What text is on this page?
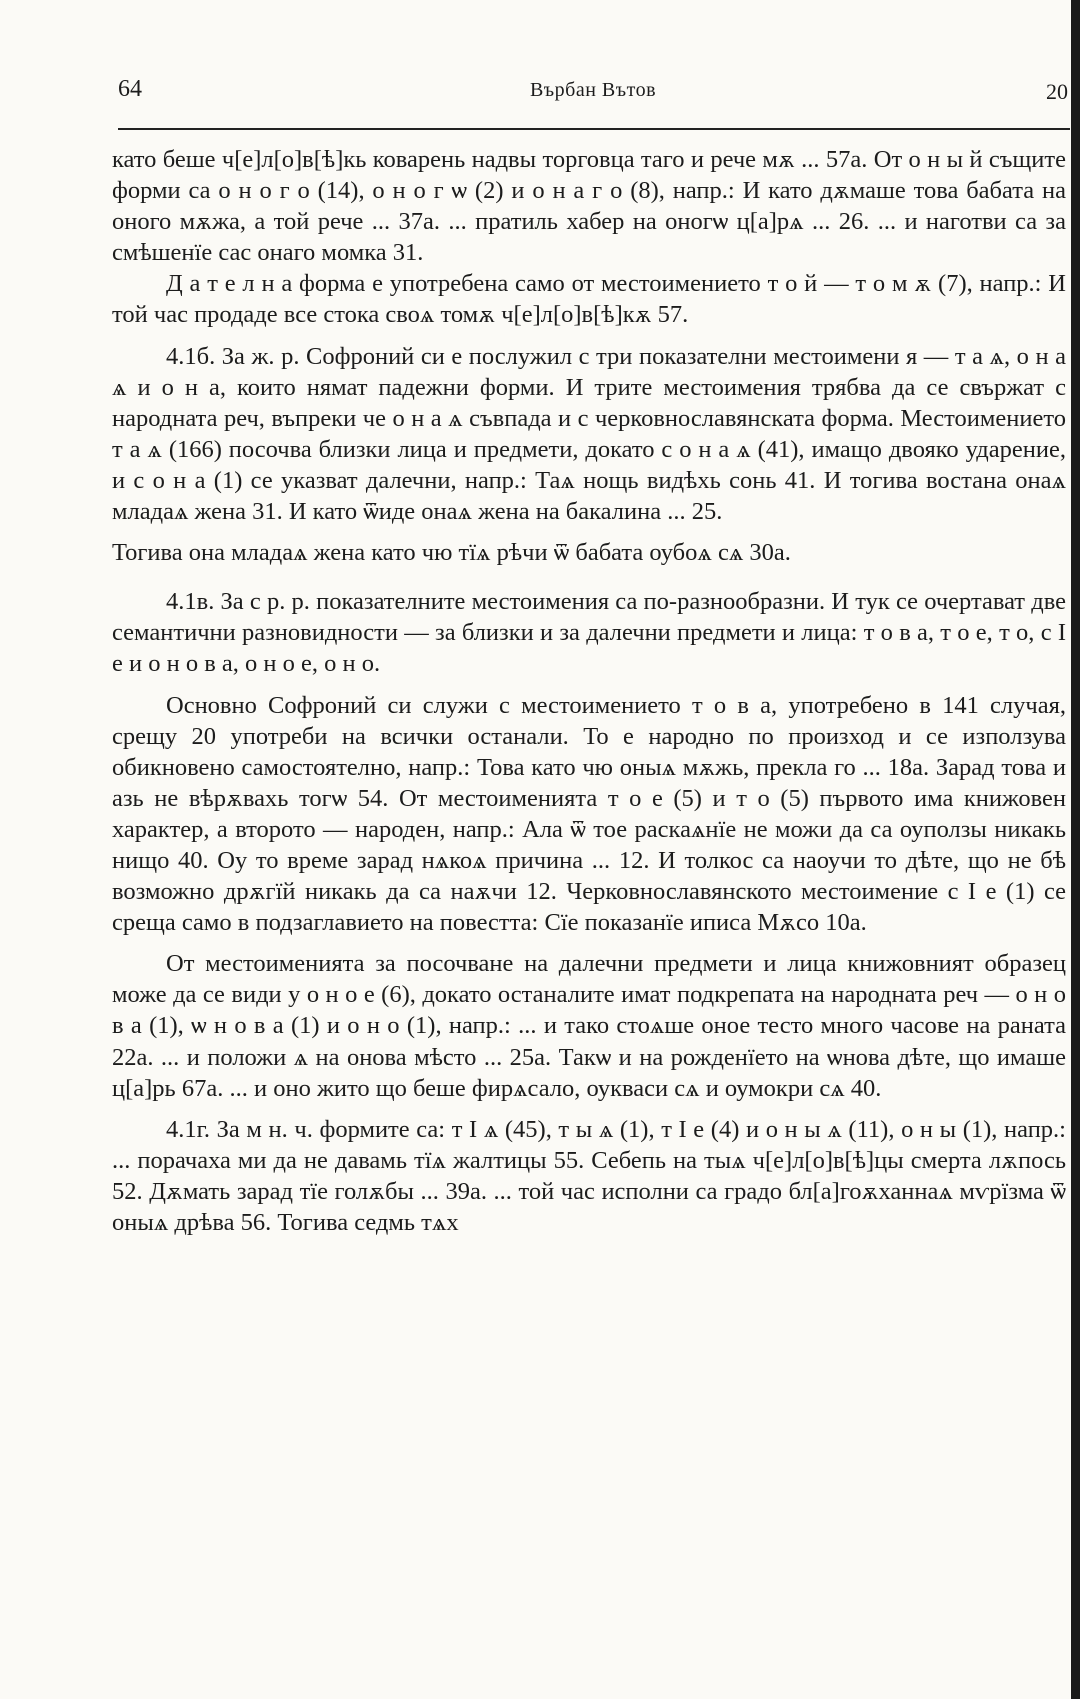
64	Върбан Вътов	20

като беше ч[е]л[о]в[ѣ]кь коварень надвы торговца таго и рече мѫ ... 57а. От о н ы й същите форми са о н о г о (14), о н о г ѡ (2) и о н а г о (8), напр.: И като дѫмаше това бабата на оного мѫжа, а той рече ... 37а. ... пратиль хабер на оногѡ ц[а]рѧ ... 26. ... и наготви са за смѣшенїе сас онаго момка 31.

Д а т е л н а форма е употребена само от местоимението т о й — т о м ѫ (7), напр.: И той час продаде все стока своѧ томѫ ч[е]л[о]в[ѣ]кѫ 57.

4.1б. За ж. р. Софроний си е послужил с три показателни местоимени я — т а ѧ, о н а ѧ и о н а, които нямат падежни форми. И трите местоимения трябва да се свържат с народната реч, въпреки че о н а ѧ съвпада и с черковнославянската форма. Местоимението т а ѧ (166) посочва близки лица и предмети, докато с о н а ѧ (41), имащо двояко ударение, и с о н а (1) се указват далечни, напр.: Таѧ нощь видѣхь сонь 41. И тогива востана онаѧ младаѧ жена 31. И като ѿиде онаѧ жена на бакалина ... 25.

Тогива она младаѧ жена като чю тїѧ рѣчи ѿ бабата оубоѧ сѧ 30а.

4.1в. За с р. р. показателните местоимения са по-разнообразни. И тук се очертават две семантични разновидности — за близки и за далечни предмети и лица: т о в а, т о е, т о, с I е и о н о в а, о н о е, о н о.

Основно Софроний си служи с местоимението т о в а, употребено в 141 случая, срещу 20 употреби на всички останали. То е народно по произход и се използува обикновено самостоятелно, напр.: Това като чю оныѧ мѫжь, прекла го ... 18а. Зарад това и азь не вѣрѫвахь тогѡ 54. От местоименията т о е (5) и т о (5) първото има книжовен характер, а второто — народен, напр.: Ала ѿ тое раскаѧнїе не можи да са оуползы никакь нищо 40. Оу то време зарад нѧкоѧ причина ... 12. И толкос са наоучи то дѣте, що не бѣ возможно дрѫгїй никакь да са наѫчи 12. Черковнославянското местоимение с I е (1) се среща само в подзаглавието на повестта: Сїе показанїе иписа Мѫсо 10а.

От местоименията за посочване на далечни предмети и лица книжовният образец може да се види у о н о е (6), докато останалите имат подкрепата на народната реч — о н о в а (1), ѡ н о в а (1) и о н о (1), напр.: ... и тако стоѧше оное тесто много часове на раната 22а. ... и положи ѧ на онова мѣсто ... 25а. Такѡ и на рожденїето на ѡнова дѣте, що имаше ц[а]рь 67а. ... и оно жито що беше фирѧсало, оукваси сѧ и оумокри сѧ 40.

4.1г. За м н. ч. формите са: т I ѧ (45), т ы ѧ (1), т I е (4) и о н ы ѧ (11), о н ы (1), напр.: ... порачаха ми да не давамь тїѧ жалтицы 55. Себепь на тыѧ ч[е]л[о]в[ѣ]цы смерта лѫпось 52. Дѫмать зарад тїе голѫбы ... 39а. ... той час исполни са градо бл[а]гоѫханнаѧ мѵрїзма ѿ оныѧ дрѣва 56. Тогива седмь тѧх
